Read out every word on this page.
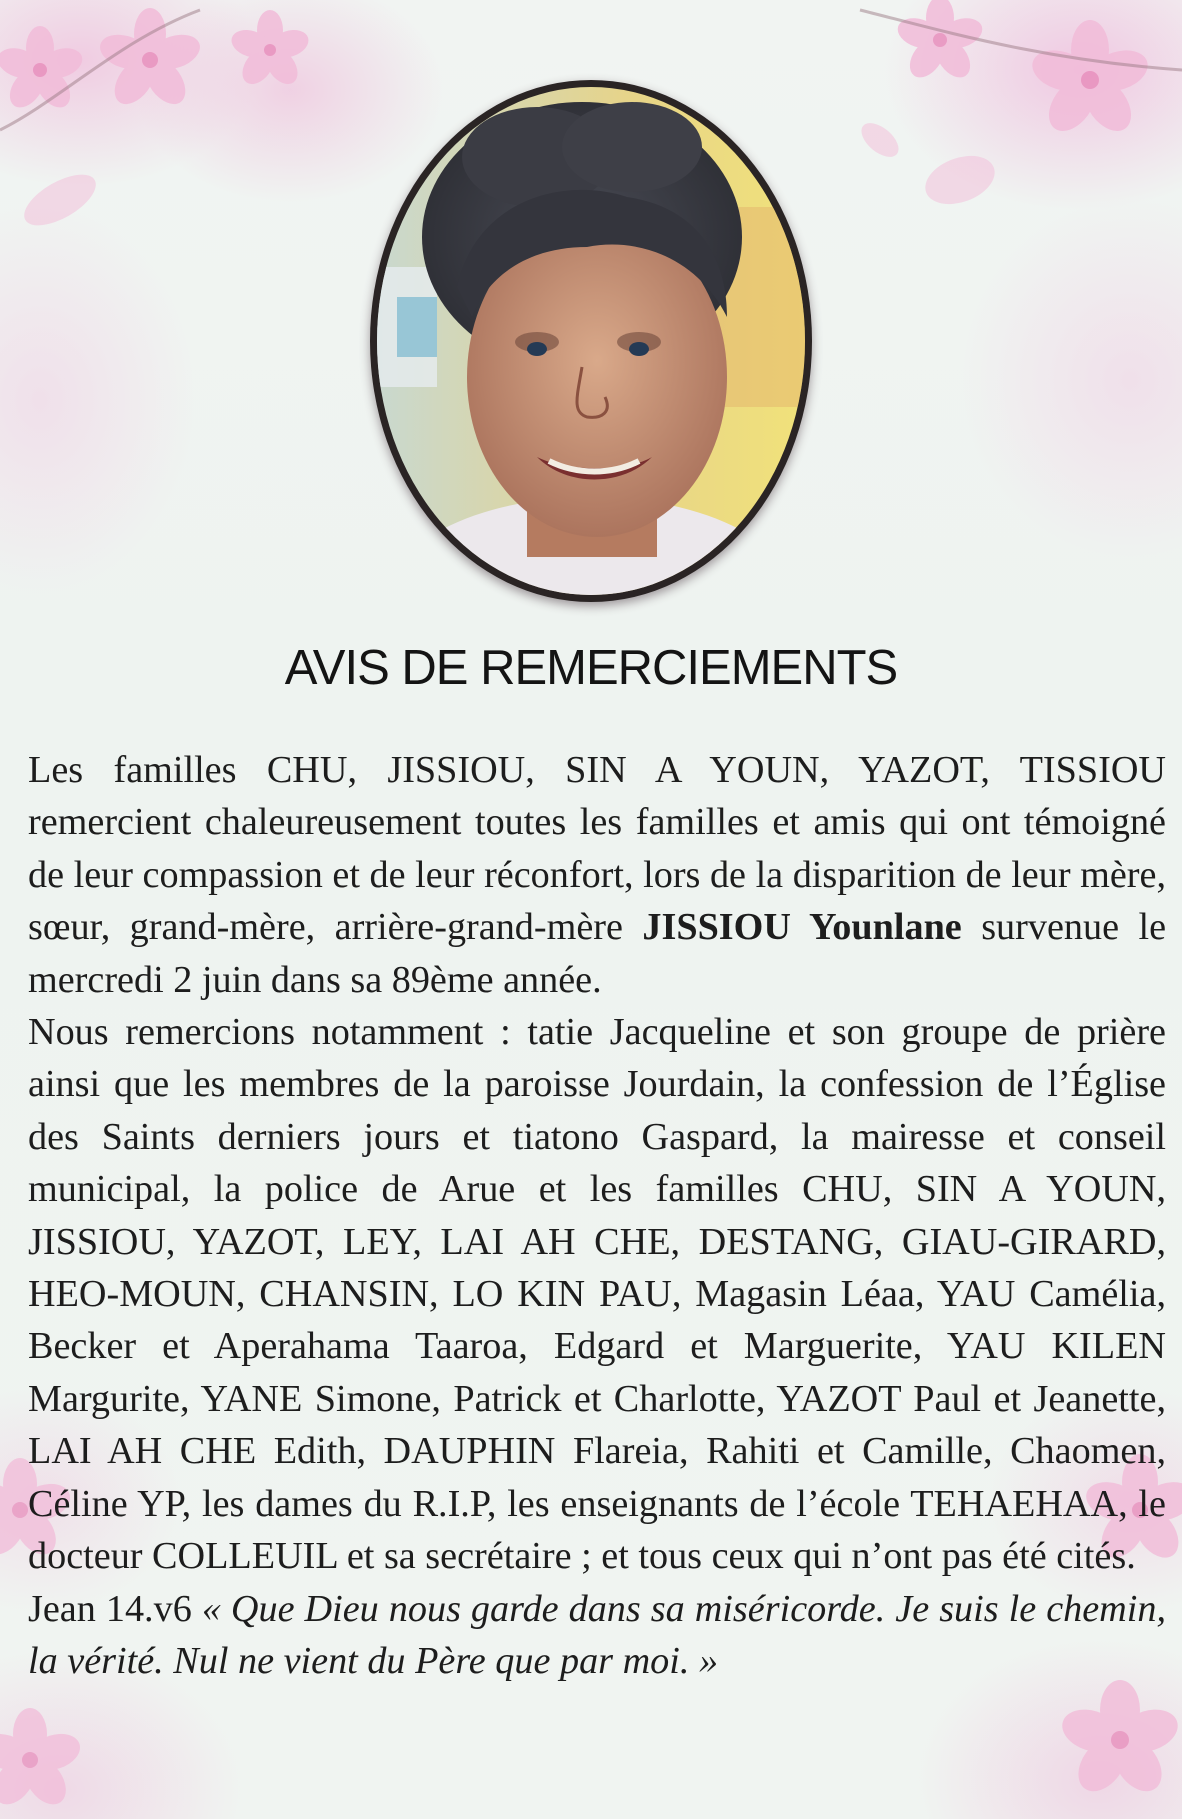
AVIS DE REMERCIEMENTS

Les familles CHU, JISSIOU, SIN A YOUN, YAZOT, TISSIOU remercient chaleureusement toutes les familles et amis qui ont témoigné de leur compassion et de leur réconfort, lors de la disparition de leur mère, sœur, grand-mère, arrière-grand-mère JISSIOU Younlane survenue le mercredi 2 juin dans sa 89ème année.

Nous remercions notamment : tatie Jacqueline et son groupe de prière ainsi que les membres de la paroisse Jourdain, la confession de l’Église des Saints derniers jours et tiatono Gaspard, la mairesse et conseil municipal, la police de Arue et les familles CHU, SIN A YOUN, JISSIOU, YAZOT, LEY, LAI AH CHE, DESTANG, GIAU-GIRARD, HEO-MOUN, CHANSIN, LO KIN PAU, Magasin Léaa, YAU Camélia, Becker et Aperahama Taaroa, Edgard et Marguerite, YAU KILEN Margurite, YANE Simone, Patrick et Charlotte, YAZOT Paul et Jeanette, LAI AH CHE Edith, DAUPHIN Flareia, Rahiti et Camille, Chaomen, Céline YP, les dames du R.I.P, les enseignants de l’école TEHAEHAA, le docteur COLLEUIL et sa secrétaire ; et tous ceux qui n’ont pas été cités.

Jean 14.v6 « Que Dieu nous garde dans sa miséricorde. Je suis le chemin, la vérité. Nul ne vient du Père que par moi. »
